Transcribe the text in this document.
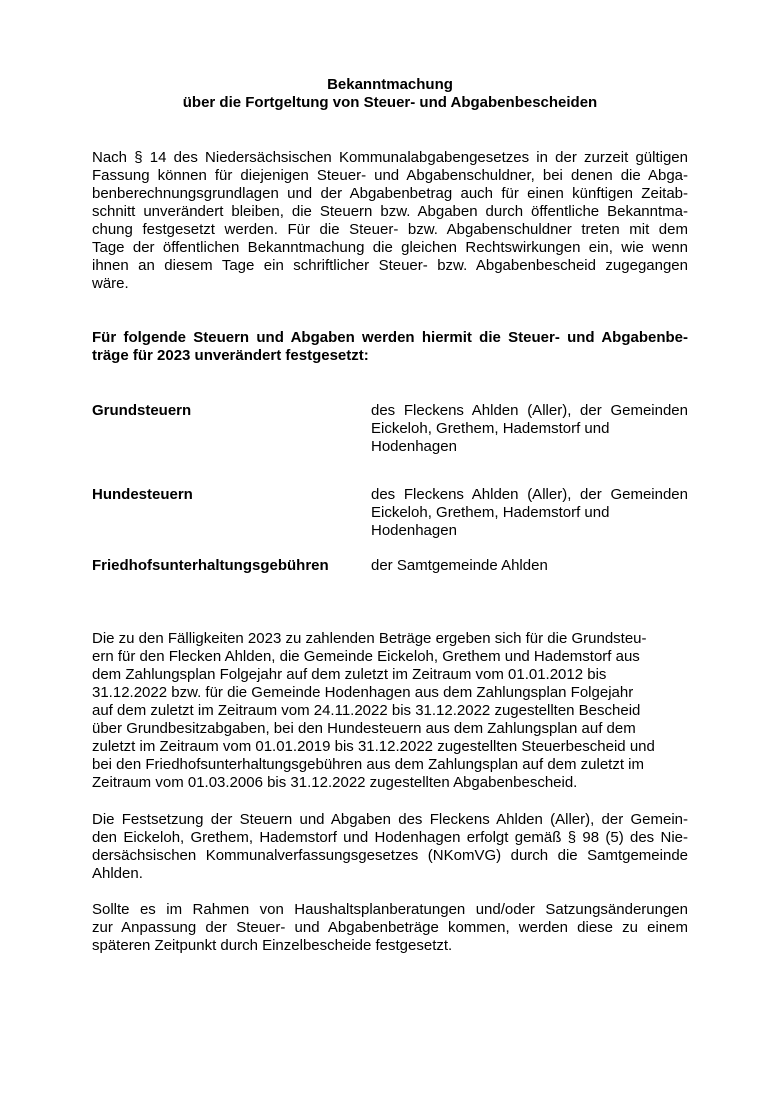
Bekanntmachung
über die Fortgeltung von Steuer- und Abgabenbescheiden
Nach § 14 des Niedersächsischen Kommunalabgabengesetzes in der zurzeit gültigen
Fassung können für diejenigen Steuer- und Abgabenschuldner, bei denen die Abga-
benberechnungsgrundlagen und der Abgabenbetrag auch für einen künftigen Zeitab-
schnitt unverändert bleiben, die Steuern bzw. Abgaben durch öffentliche Bekanntma-
chung festgesetzt werden. Für die Steuer- bzw. Abgabenschuldner treten mit dem
Tage der öffentlichen Bekanntmachung die gleichen Rechtswirkungen ein, wie wenn
ihnen an diesem Tage ein schriftlicher Steuer- bzw. Abgabenbescheid zugegangen
wäre.
Für folgende Steuern und Abgaben werden hiermit die Steuer- und Abgabenbe-
träge für 2023 unverändert festgesetzt:
Grundsteuern	des Fleckens Ahlden (Aller), der Gemeinden
Eickeloh, Grethem, Hademstorf und
Hodenhagen
Hundesteuern	des Fleckens Ahlden (Aller), der Gemeinden
Eickeloh, Grethem, Hademstorf und
Hodenhagen
Friedhofsunterhaltungsgebühren	der Samtgemeinde Ahlden
Die zu den Fälligkeiten 2023 zu zahlenden Beträge ergeben sich für die Grundsteu-
ern für den Flecken Ahlden, die Gemeinde Eickeloh, Grethem und Hademstorf aus
dem Zahlungsplan Folgejahr auf dem zuletzt im Zeitraum vom 01.01.2012 bis
31.12.2022 bzw. für die Gemeinde Hodenhagen aus dem Zahlungsplan Folgejahr
auf dem zuletzt im Zeitraum vom 24.11.2022 bis 31.12.2022 zugestellten Bescheid
über Grundbesitzabgaben, bei den Hundesteuern aus dem Zahlungsplan auf dem
zuletzt im Zeitraum vom 01.01.2019 bis 31.12.2022 zugestellten Steuerbescheid und
bei den Friedhofsunterhaltungsgebühren aus dem Zahlungsplan auf dem zuletzt im
Zeitraum vom 01.03.2006 bis 31.12.2022 zugestellten Abgabenbescheid.
Die Festsetzung der Steuern und Abgaben des Fleckens Ahlden (Aller), der Gemein-
den Eickeloh, Grethem, Hademstorf und Hodenhagen erfolgt gemäß § 98 (5) des Nie-
dersächsischen Kommunalverfassungsgesetzes (NKomVG) durch die Samtgemeinde
Ahlden.
Sollte es im Rahmen von Haushaltsplanberatungen und/oder Satzungsänderungen
zur Anpassung der Steuer- und Abgabenbeträge kommen, werden diese zu einem
späteren Zeitpunkt durch Einzelbescheide festgesetzt.
